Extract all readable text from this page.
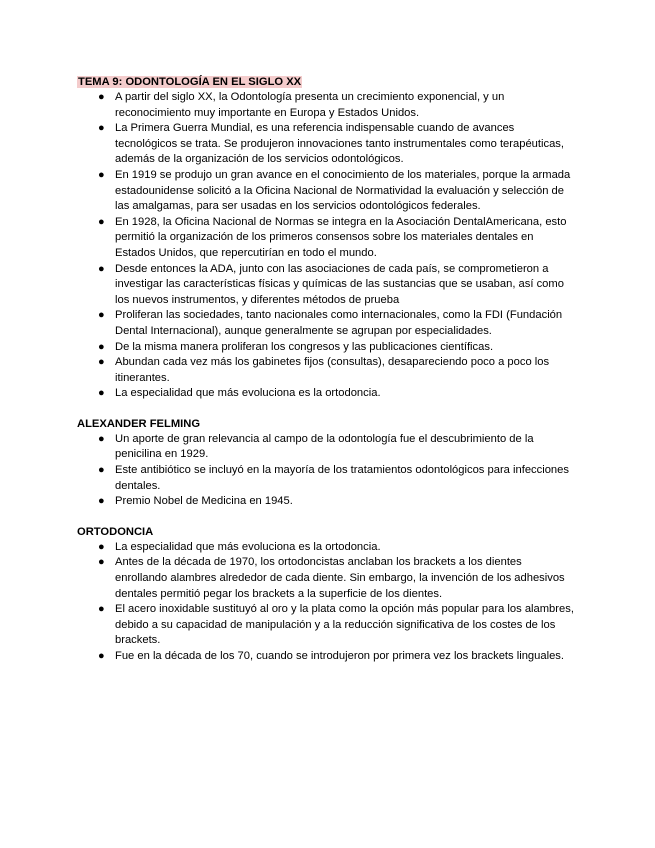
TEMA 9: ODONTOLOGÍA EN EL SIGLO XX

● A partir del siglo XX, la Odontología presenta un crecimiento exponencial, y un reconocimiento muy importante en Europa y Estados Unidos.
● La Primera Guerra Mundial, es una referencia indispensable cuando de avances tecnológicos se trata. Se produjeron innovaciones tanto instrumentales como terapéuticas, además de la organización de los servicios odontológicos.
● En 1919 se produjo un gran avance en el conocimiento de los materiales, porque la armada estadounidense solicitó a la Oficina Nacional de Normatividad la evaluación y selección de las amalgamas, para ser usadas en los servicios odontológicos federales.
● En 1928, la Oficina Nacional de Normas se integra en la Asociación DentalAmericana, esto permitió la organización de los primeros consensos sobre los materiales dentales en Estados Unidos, que repercutirían en todo el mundo.
● Desde entonces la ADA, junto con las asociaciones de cada país, se comprometieron a investigar las características físicas y químicas de las sustancias que se usaban, así como los nuevos instrumentos, y diferentes métodos de prueba
● Proliferan las sociedades, tanto nacionales como internacionales, como la FDI (Fundación Dental Internacional), aunque generalmente se agrupan por especialidades.
● De la misma manera proliferan los congresos y las publicaciones científicas.
● Abundan cada vez más los gabinetes fijos (consultas), desapareciendo poco a poco los itinerantes.
● La especialidad que más evoluciona es la ortodoncia.

ALEXANDER FELMING

● Un aporte de gran relevancia al campo de la odontología fue el descubrimiento de la penicilina en 1929.
● Este antibiótico se incluyó en la mayoría de los tratamientos odontológicos para infecciones dentales.
● Premio Nobel de Medicina en 1945.

ORTODONCIA

● La especialidad que más evoluciona es la ortodoncia.
● Antes de la década de 1970, los ortodoncistas anclaban los brackets a los dientes enrollando alambres alrededor de cada diente. Sin embargo, la invención de los adhesivos dentales permitió pegar los brackets a la superficie de los dientes.
● El acero inoxidable sustituyó al oro y la plata como la opción más popular para los alambres, debido a su capacidad de manipulación y a la reducción significativa de los costes de los brackets.
● Fue en la década de los 70, cuando se introdujeron por primera vez los brackets linguales.
